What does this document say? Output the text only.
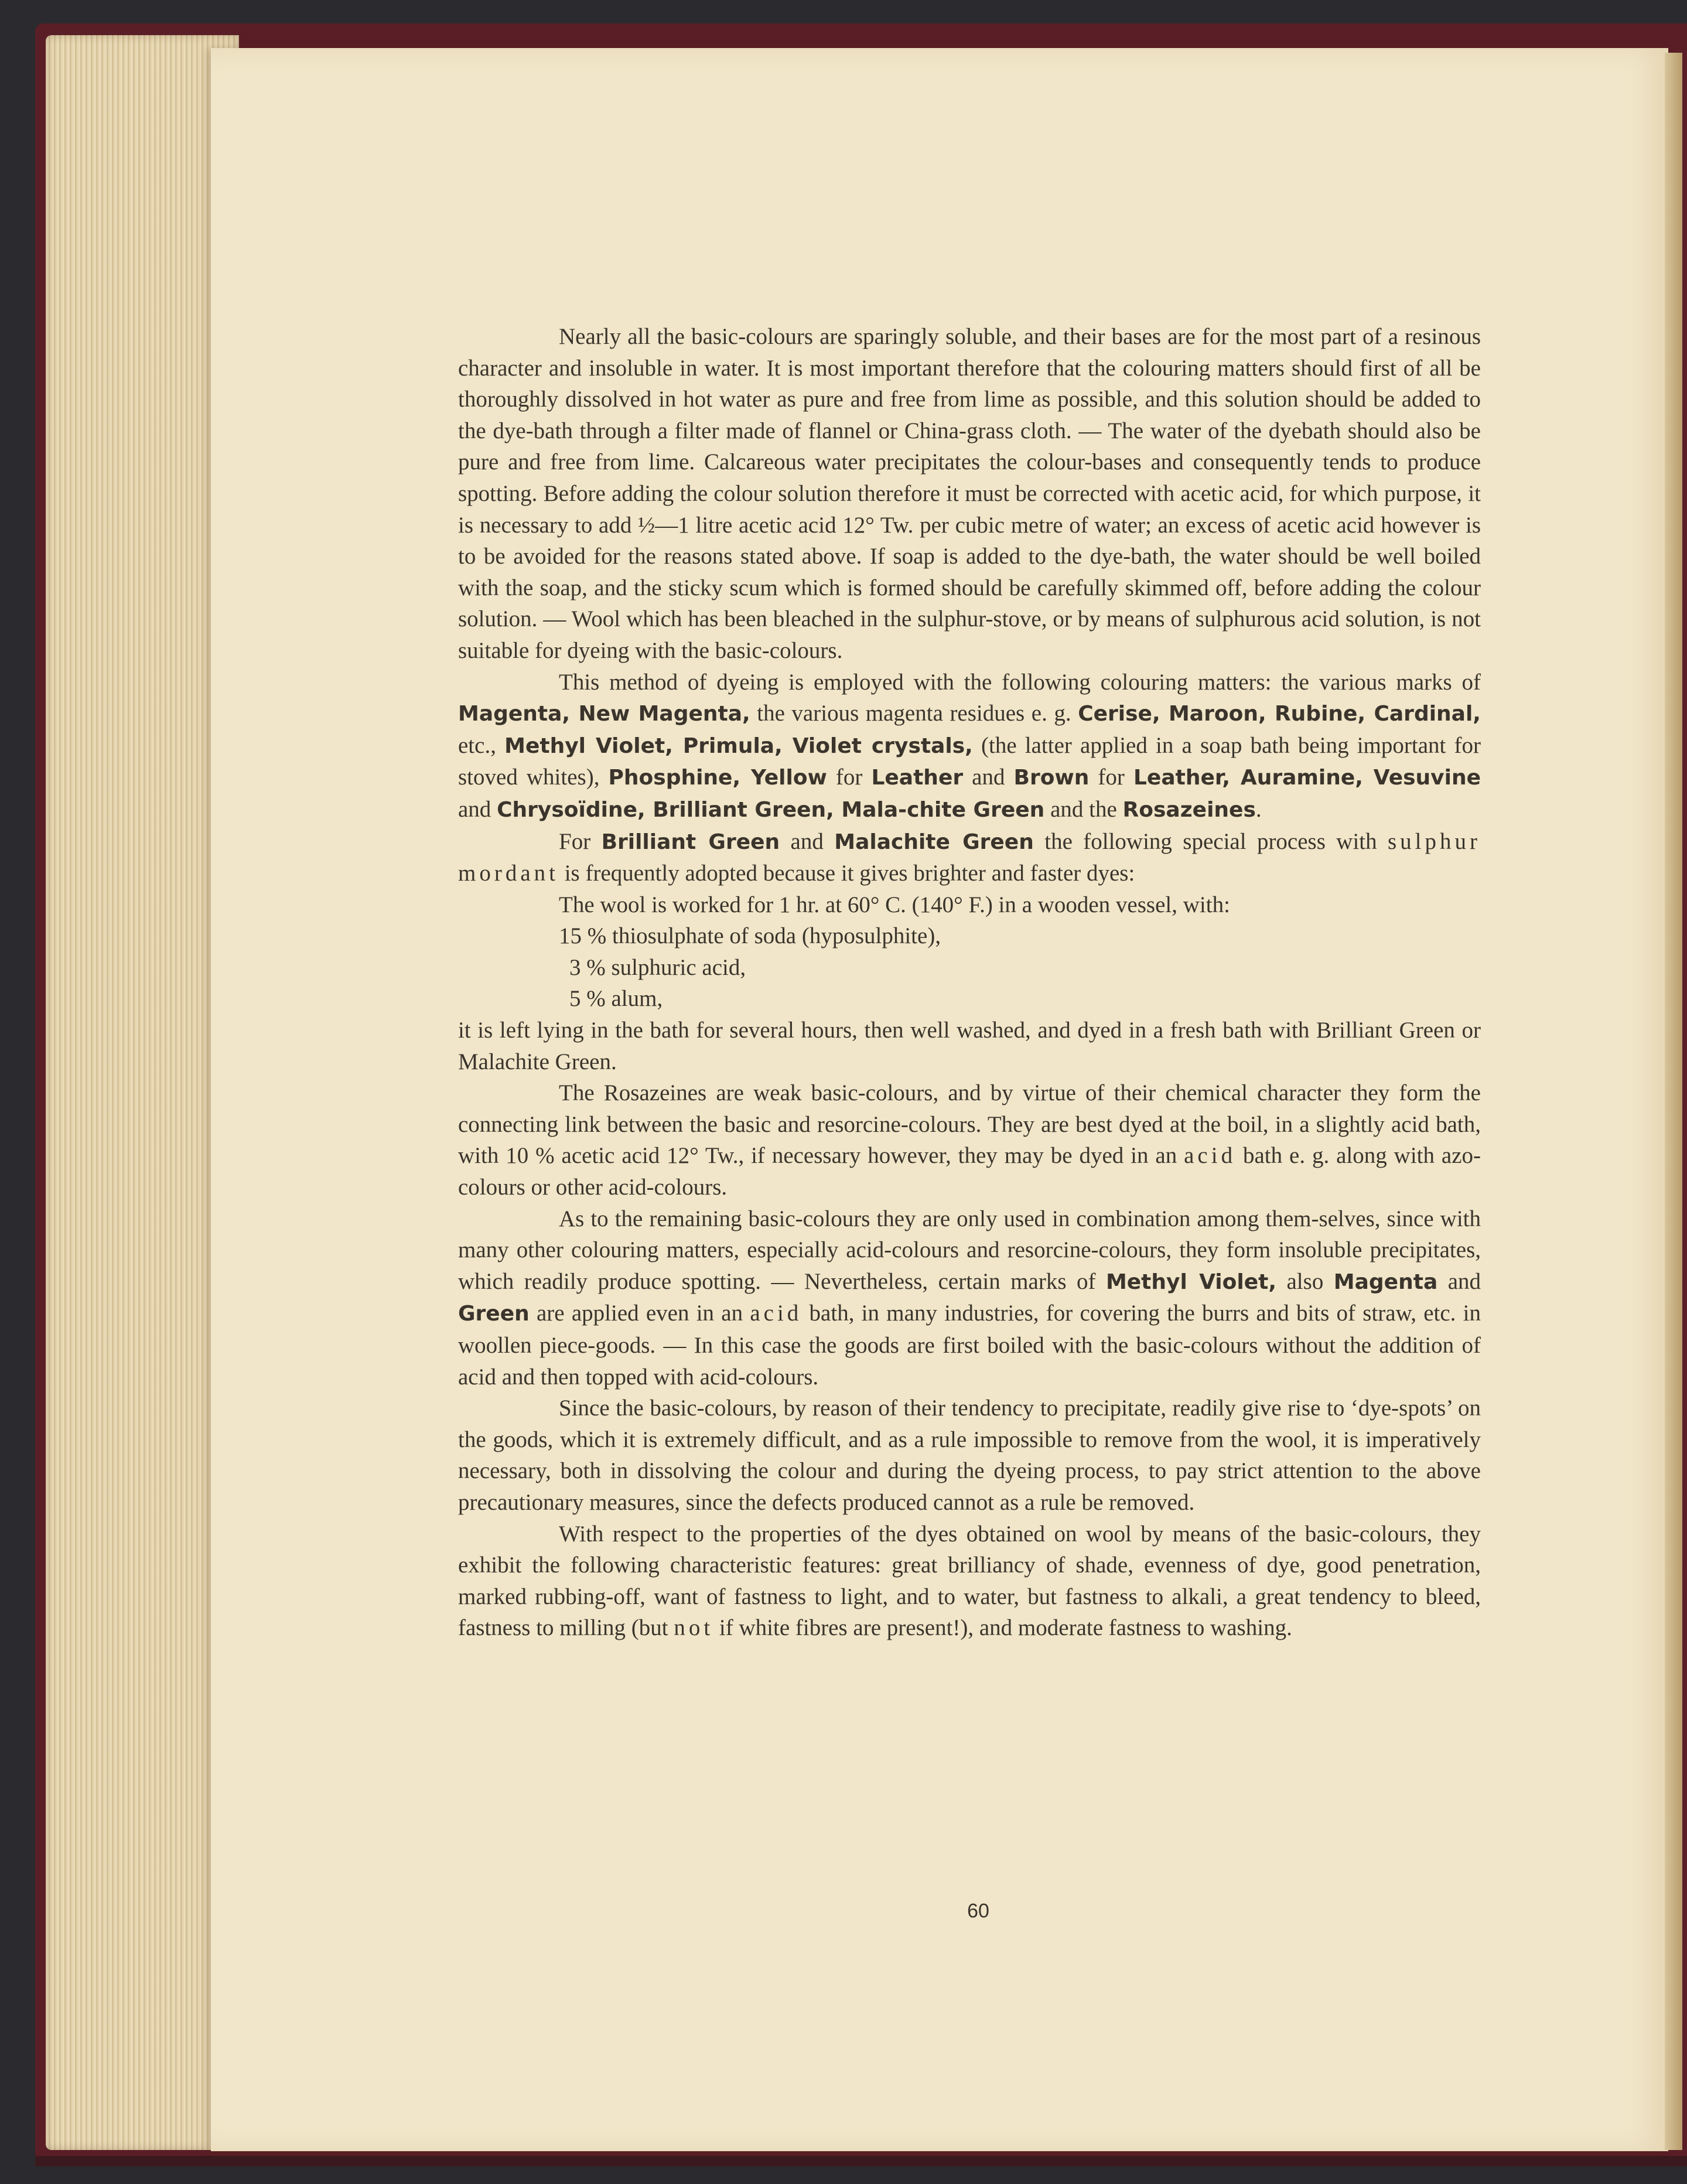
Nearly all the basic-colours are sparingly soluble, and their bases are for the most part of a resinous character and insoluble in water. It is most important therefore that the colouring matters should first of all be thoroughly dissolved in hot water as pure and free from lime as possible, and this solution should be added to the dye-bath through a filter made of flannel or China-grass cloth. — The water of the dyebath should also be pure and free from lime. Calcareous water precipitates the colour-bases and consequently tends to produce spotting. Before adding the colour solution therefore it must be corrected with acetic acid, for which purpose, it is necessary to add ½—1 litre acetic acid 12° Tw. per cubic metre of water; an excess of acetic acid however is to be avoided for the reasons stated above. If soap is added to the dye-bath, the water should be well boiled with the soap, and the sticky scum which is formed should be carefully skimmed off, before adding the colour solution. — Wool which has been bleached in the sulphur-stove, or by means of sulphurous acid solution, is not suitable for dyeing with the basic-colours.

This method of dyeing is employed with the following colouring matters: the various marks of Magenta, New Magenta, the various magenta residues e. g. Cerise, Maroon, Rubine, Cardinal, etc., Methyl Violet, Primula, Violet crystals, (the latter applied in a soap bath being important for stoved whites), Phosphine, Yellow for Leather and Brown for Leather, Auramine, Vesuvine and Chrysoïdine, Brilliant Green, Mala-chite Green and the Rosazeines.

For Brilliant Green and Malachite Green the following special process with sulphur mordant is frequently adopted because it gives brighter and faster dyes:

The wool is worked for 1 hr. at 60° C. (140° F.) in a wooden vessel, with:

15 % thiosulphate of soda (hyposulphite),
3 % sulphuric acid,
5 % alum,

it is left lying in the bath for several hours, then well washed, and dyed in a fresh bath with Brilliant Green or Malachite Green.

The Rosazeines are weak basic-colours, and by virtue of their chemical character they form the connecting link between the basic and resorcine-colours. They are best dyed at the boil, in a slightly acid bath, with 10 % acetic acid 12° Tw., if necessary however, they may be dyed in an acid bath e. g. along with azo-colours or other acid-colours.

As to the remaining basic-colours they are only used in combination among them-selves, since with many other colouring matters, especially acid-colours and resorcine-colours, they form insoluble precipitates, which readily produce spotting. — Nevertheless, certain marks of Methyl Violet, also Magenta and Green are applied even in an acid bath, in many industries, for covering the burrs and bits of straw, etc. in woollen piece-goods. — In this case the goods are first boiled with the basic-colours without the addition of acid and then topped with acid-colours.

Since the basic-colours, by reason of their tendency to precipitate, readily give rise to ‘dye-spots’ on the goods, which it is extremely difficult, and as a rule impossible to remove from the wool, it is imperatively necessary, both in dissolving the colour and during the dyeing process, to pay strict attention to the above precautionary measures, since the defects produced cannot as a rule be removed.

With respect to the properties of the dyes obtained on wool by means of the basic-colours, they exhibit the following characteristic features: great brilliancy of shade, evenness of dye, good penetration, marked rubbing-off, want of fastness to light, and to water, but fastness to alkali, a great tendency to bleed, fastness to milling (but not if white fibres are present!), and moderate fastness to washing.

60
